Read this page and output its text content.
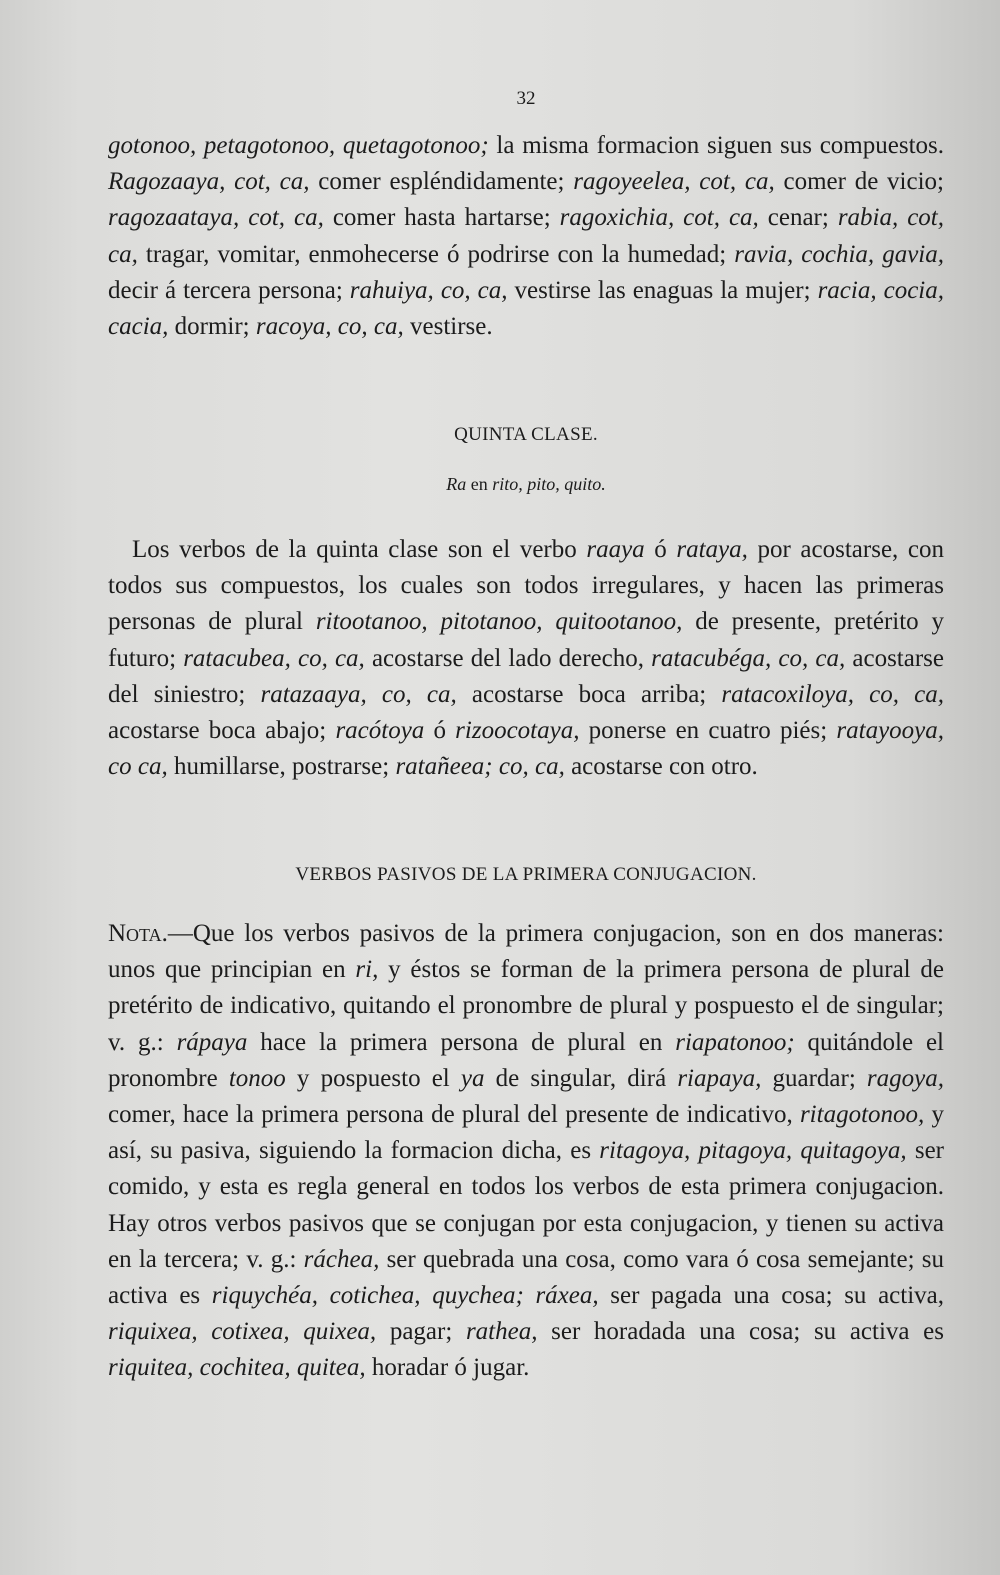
32

gotonoo, petagotonoo, quetagotonoo; la misma formacion siguen sus compuestos. Ragozaaya, cot, ca, comer espléndidamente; ragoyeelea, cot, ca, comer de vicio; ragozaataya, cot, ca, comer hasta hartarse; ragoxichia, cot, ca, cenar; rabia, cot, ca, tragar, vomitar, enmohecerse ó podrirse con la humedad; ravia, cochia, gavia, decir á tercera persona; rahuiya, co, ca, vestirse las enaguas la mujer; racia, cocia, cacia, dormir; racoya, co, ca, vestirse.

QUINTA CLASE.
Ra en rito, pito, quito.

Los verbos de la quinta clase son el verbo raaya ó rataya, por acostarse, con todos sus compuestos, los cuales son todos irregulares, y hacen las primeras personas de plural ritootanoo, pitotanoo, quitootanoo, de presente, pretérito y futuro; ratacubea, co, ca, acostarse del lado derecho, ratacubéga, co, ca, acostarse del siniestro; ratazaaya, co, ca, acostarse boca arriba; ratacoxiloya, co, ca, acostarse boca abajo; racótoya ó rizoocotaya, ponerse en cuatro piés; ratayooya, co ca, humillarse, postrarse; ratañeea; co, ca, acostarse con otro.

VERBOS PASIVOS DE LA PRIMERA CONJUGACION.

Nota.—Que los verbos pasivos de la primera conjugacion, son en dos maneras: unos que principian en ri, y éstos se forman de la primera persona de plural de pretérito de indicativo, quitando el pronombre de plural y pospuesto el de singular; v. g.: rápaya hace la primera persona de plural en riapatonoo; quitándole el pronombre tonoo y pospuesto el ya de singular, dirá riapaya, guardar; ragoya, comer, hace la primera persona de plural del presente de indicativo, ritagotonoo, y así, su pasiva, siguiendo la formacion dicha, es ritagoya, pitagoya, quitagoya, ser comido, y esta es regla general en todos los verbos de esta primera conjugacion. Hay otros verbos pasivos que se conjugan por esta conjugacion, y tienen su activa en la tercera; v. g.: ráchea, ser quebrada una cosa, como vara ó cosa semejante; su activa es riquychéa, cotichea, quychea; ráxea, ser pagada una cosa; su activa, riquixea, cotixea, quixea, pagar; rathea, ser horadada una cosa; su activa es riquitea, cochitea, quitea, horadar ó jugar.
